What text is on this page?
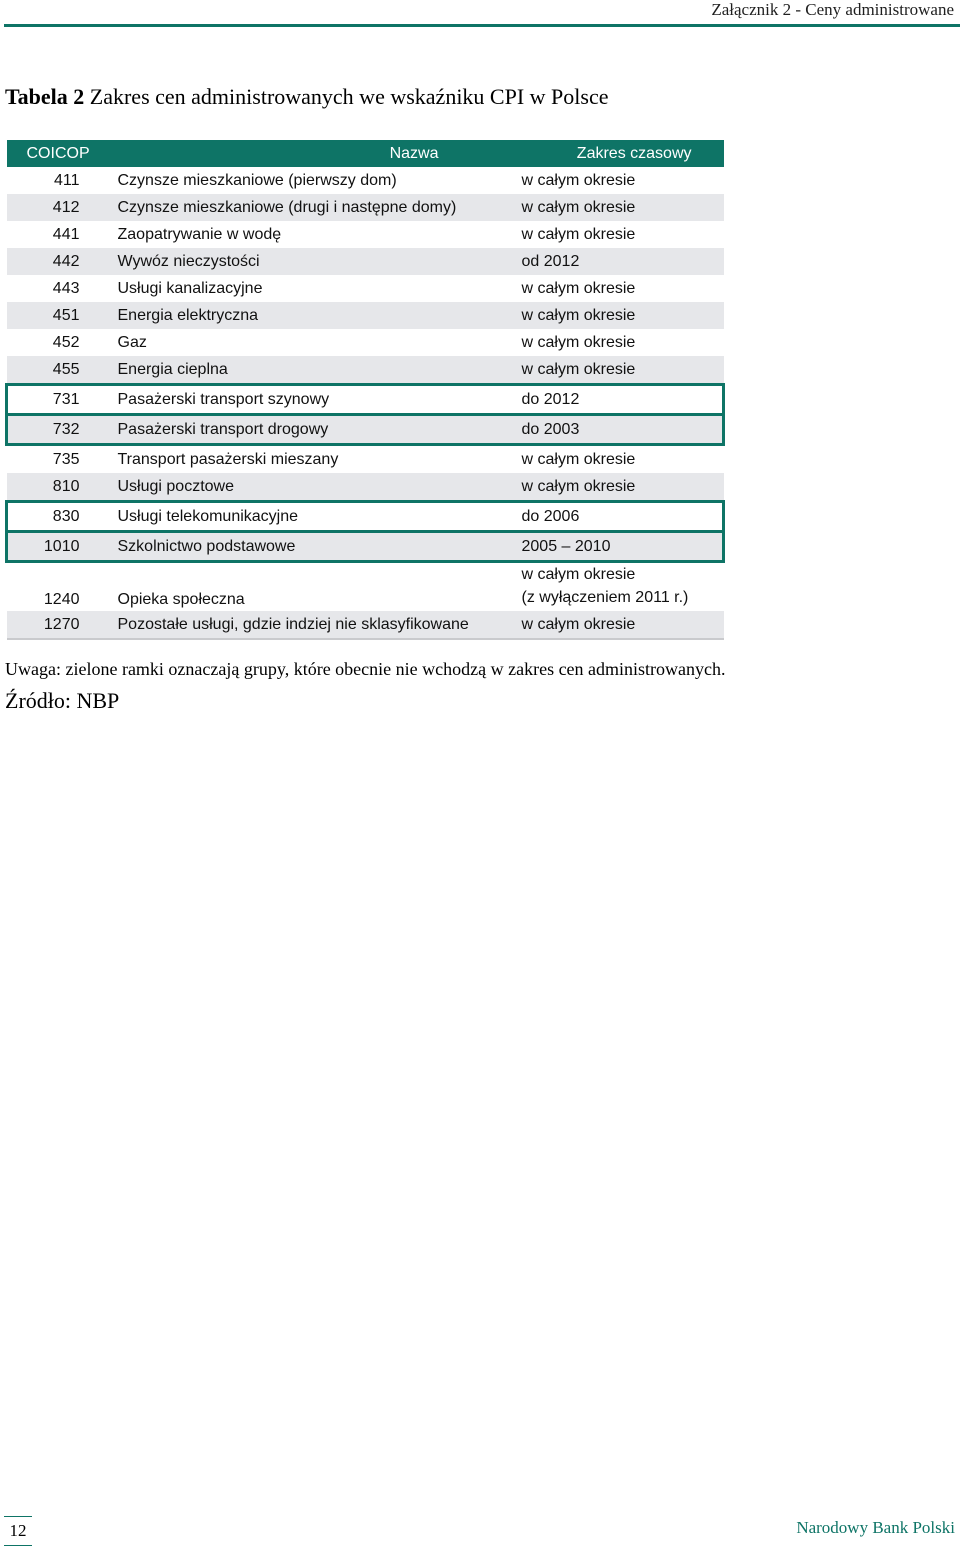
Załącznik 2 - Ceny administrowane
Tabela 2 Zakres cen administrowanych we wskaźniku CPI w Polsce
COICOP	Nazwa	Zakres czasowy
411	Czynsze mieszkaniowe (pierwszy dom)	w całym okresie
412	Czynsze mieszkaniowe (drugi i następne domy)	w całym okresie
441	Zaopatrywanie w wodę	w całym okresie
442	Wywóz nieczystości	od 2012
443	Usługi kanalizacyjne	w całym okresie
451	Energia elektryczna	w całym okresie
452	Gaz	w całym okresie
455	Energia cieplna	w całym okresie
731	Pasażerski transport szynowy	do 2012
732	Pasażerski transport drogowy	do 2003
735	Transport pasażerski mieszany	w całym okresie
810	Usługi pocztowe	w całym okresie
830	Usługi telekomunikacyjne	do 2006
1010	Szkolnictwo podstawowe	2005 – 2010
1240	Opieka społeczna	w całym okresie
(z wyłączeniem 2011 r.)

1270	Pozostałe usługi, gdzie indziej nie sklasyfikowane	w całym okresie
Uwaga: zielone ramki oznaczają grupy, które obecnie nie wchodzą w zakres cen administrowanych.
Źródło: NBP
12	Narodowy Bank Polski
